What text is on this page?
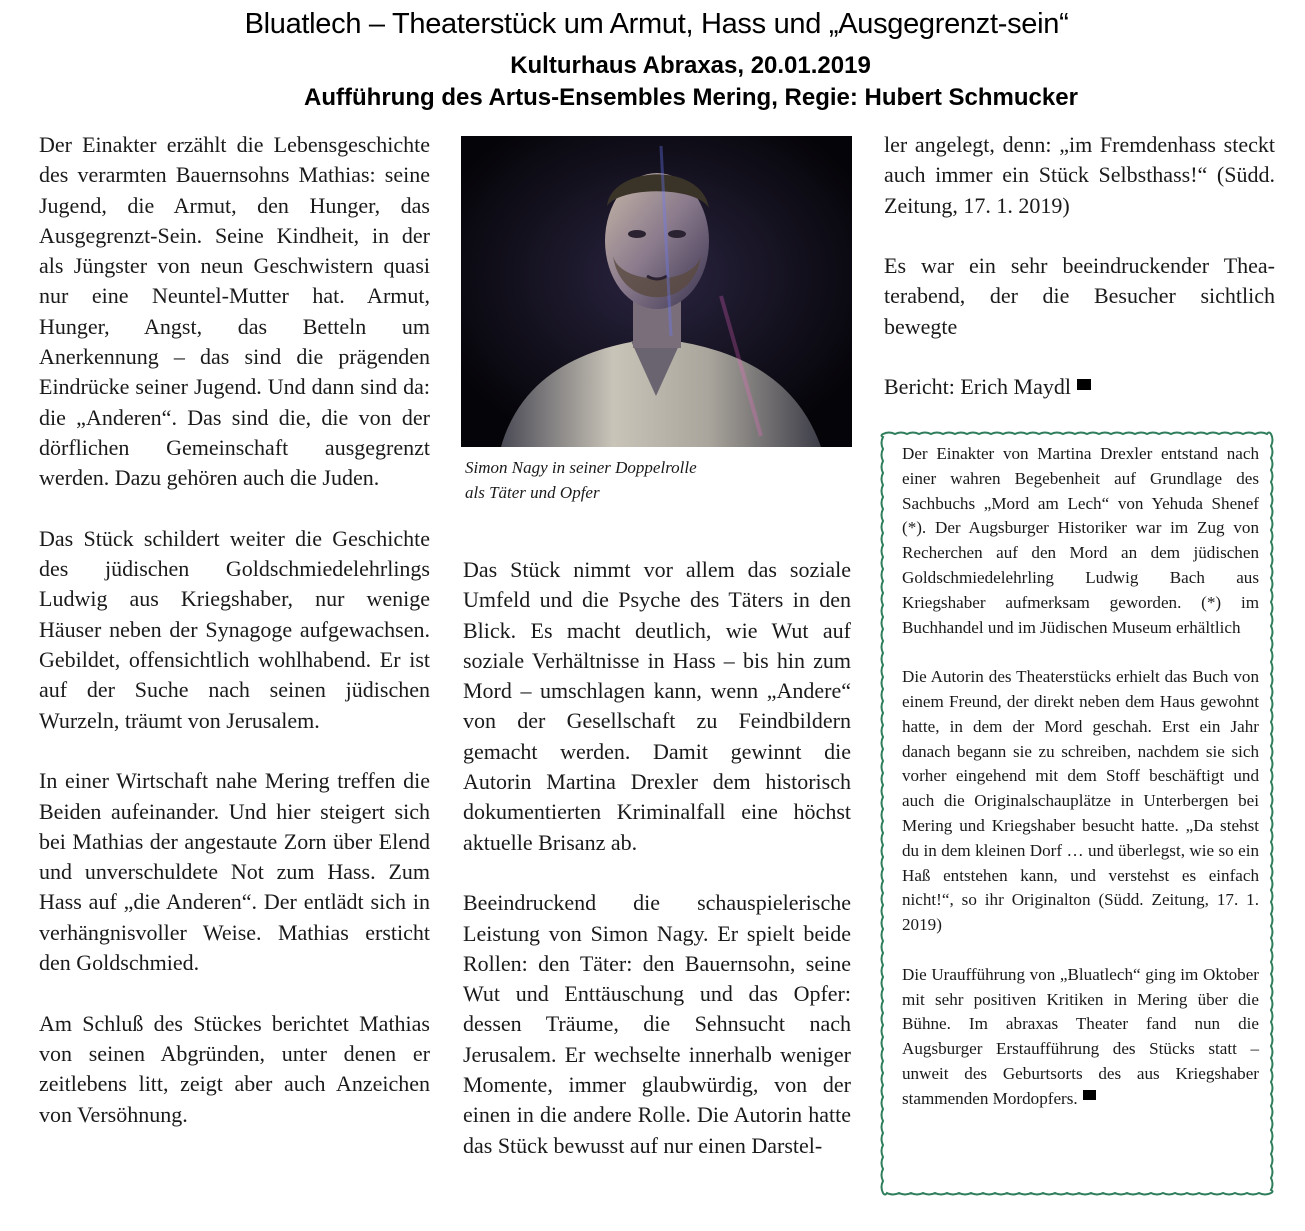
Bluatlech – Theaterstück um Armut, Hass und „Ausgegrenzt-sein“
Kulturhaus Abraxas, 20.01.2019
Aufführung des Artus-Ensembles Mering, Regie: Hubert Schmucker

Der Einakter erzählt die Lebensgeschichte des verarmten Bauernsohns Mathias: seine Jugend, die Armut, den Hunger, das Ausgegrenzt-Sein. Seine Kindheit, in der als Jüngster von neun Geschwistern quasi nur eine Neuntel-Mutter hat. Armut, Hunger, Angst, das Betteln um Anerkennung – das sind die prägenden Eindrücke seiner Jugend. Und dann sind da: die „Anderen“. Das sind die, die von der dörflichen Gemeinschaft ausgegrenzt werden. Dazu gehören auch die Juden.

Das Stück schildert weiter die Geschichte des jüdischen Goldschmiedelehrlings Ludwig aus Kriegshaber, nur wenige Häuser neben der Synagoge aufgewachsen. Gebildet, offensichtlich wohlhabend. Er ist auf der Suche nach seinen jüdischen Wurzeln, träumt von Jerusalem.

In einer Wirtschaft nahe Mering treffen die Beiden aufeinander. Und hier steigert sich bei Mathias der angestaute Zorn über Elend und unverschuldete Not zum Hass. Zum Hass auf „die Anderen“. Der entlädt sich in verhängnisvoller Weise. Mathias ersticht den Goldschmied.

Am Schluß des Stückes berichtet Mathias von seinen Abgründen, unter denen er zeitlebens litt, zeigt aber auch Anzeichen von Versöhnung.

Simon Nagy in seiner Doppelrolle
als Täter und Opfer

Das Stück nimmt vor allem das soziale Umfeld und die Psyche des Täters in den Blick. Es macht deutlich, wie Wut auf soziale Verhältnisse in Hass – bis hin zum Mord – umschlagen kann, wenn „Andere“ von der Gesellschaft zu Feindbildern gemacht werden. Damit gewinnt die Autorin Martina Drexler dem historisch dokumentierten Kriminalfall eine höchst aktuelle Brisanz ab.

Beeindruckend die schauspielerische Leistung von Simon Nagy. Er spielt beide Rollen: den Täter: den Bauernsohn, seine Wut und Enttäuschung und das Opfer: dessen Träume, die Sehnsucht nach Jerusalem. Er wechselte innerhalb weniger Momente, immer glaubwürdig, von der einen in die andere Rolle. Die Autorin hatte das Stück bewusst auf nur einen Darstel-

ler angelegt, denn: „im Fremdenhass steckt auch immer ein Stück Selbsthass!“ (Südd. Zeitung, 17. 1. 2019)

Es war ein sehr beeindruckender Theaterabend, der die Besucher sichtlich bewegte

Bericht: Erich Maydl

Der Einakter von Martina Drexler entstand nach einer wahren Begebenheit auf Grundlage des Sachbuchs „Mord am Lech“ von Yehuda Shenef (*). Der Augsburger Historiker war im Zug von Recherchen auf den Mord an dem jüdischen Goldschmiedelehrling Ludwig Bach aus Kriegshaber aufmerksam geworden. (*) im Buchhandel und im Jüdischen Museum erhältlich

Die Autorin des Theaterstücks erhielt das Buch von einem Freund, der direkt neben dem Haus gewohnt hatte, in dem der Mord geschah. Erst ein Jahr danach begann sie zu schreiben, nachdem sie sich vorher eingehend mit dem Stoff beschäftigt und auch die Originalschauplätze in Unterbergen bei Mering und Kriegshaber besucht hatte. „Da stehst du in dem kleinen Dorf … und überlegst, wie so ein Haß entstehen kann, und verstehst es einfach nicht!“, so ihr Originalton (Südd. Zeitung, 17. 1. 2019)

Die Uraufführung von „Bluatlech“ ging im Oktober mit sehr positiven Kritiken in Mering über die Bühne. Im abraxas Theater fand nun die Augsburger Erstaufführung des Stücks statt – unweit des Geburtsorts des aus Kriegshaber stammenden Mordopfers.
